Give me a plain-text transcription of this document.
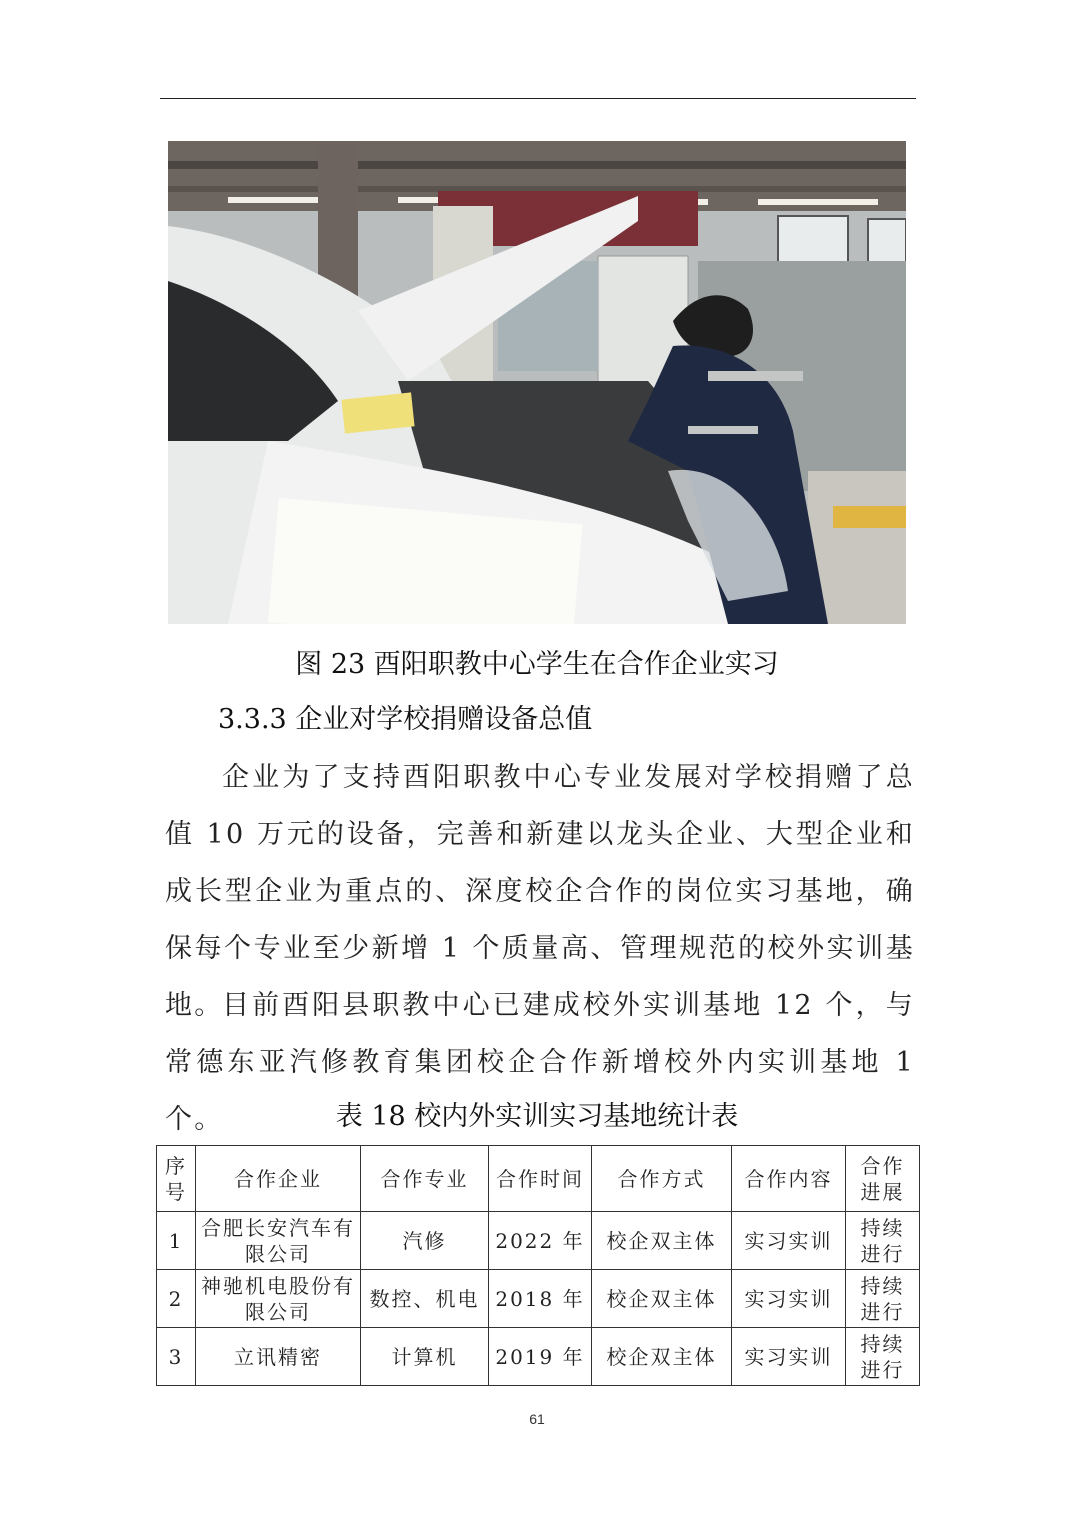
图 23 酉阳职教中心学生在合作企业实习
3.3.3 企业对学校捐赠设备总值

企业为了支持酉阳职教中心专业发展对学校捐赠了总值 10 万元的设备，完善和新建以龙头企业、大型企业和成长型企业为重点的、深度校企合作的岗位实习基地，确保每个专业至少新增 1 个质量高、管理规范的校外实训基地。

目前酉阳县职教中心已建成校外实训基地 12 个，与常德东亚汽修教育集团校企合作新增校外内实训基地 1 个。	表 18 校内外实训实习基地统计表
序号	合作企业	合作专业	合作时间	合作方式	合作内容	合作进展
1	合肥长安汽车有限公司	汽修	2022 年	校企双主体	实习实训	持续进行
2	神驰机电股份有限公司	数控、机电	2018 年	校企双主体	实习实训	持续进行
3	立讯精密	计算机	2019 年	校企双主体	实习实训	持续进行
61
